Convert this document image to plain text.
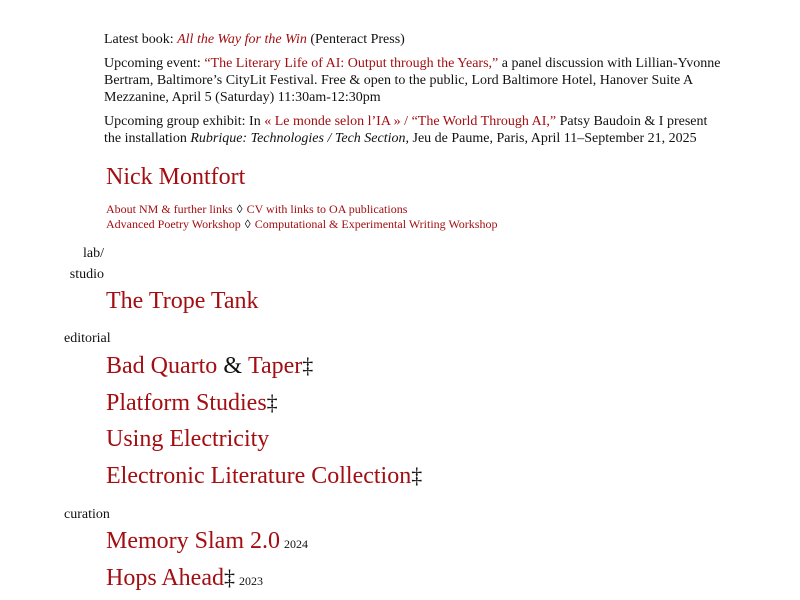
Latest book: All the Way for the Win (Penteract Press)

Upcoming event: “The Literary Life of AI: Output through the Years,” a panel discussion with Lillian-Yvonne Bertram, Baltimore’s CityLit Festival. Free & open to the public, Lord Baltimore Hotel, Hanover Suite A Mezzanine, April 5 (Saturday) 11:30am-12:30pm

Upcoming group exhibit: In « Le monde selon l’IA » / “The World Through AI,” Patsy Baudoin & I present the installation Rubrique: Technologies / Tech Section, Jeu de Paume, Paris, April 11–September 21, 2025

Nick Montfort
About NM & further links ◊ CV with links to OA publications
Advanced Poetry Workshop ◊ Computational & Experimental Writing Workshop
lab/
studio
The Trope Tank
editorial
Bad Quarto & Taper‡
Platform Studies‡
Using Electricity
Electronic Literature Collection‡
curation
Memory Slam 2.0 2024
Hops Ahead‡ 2023
